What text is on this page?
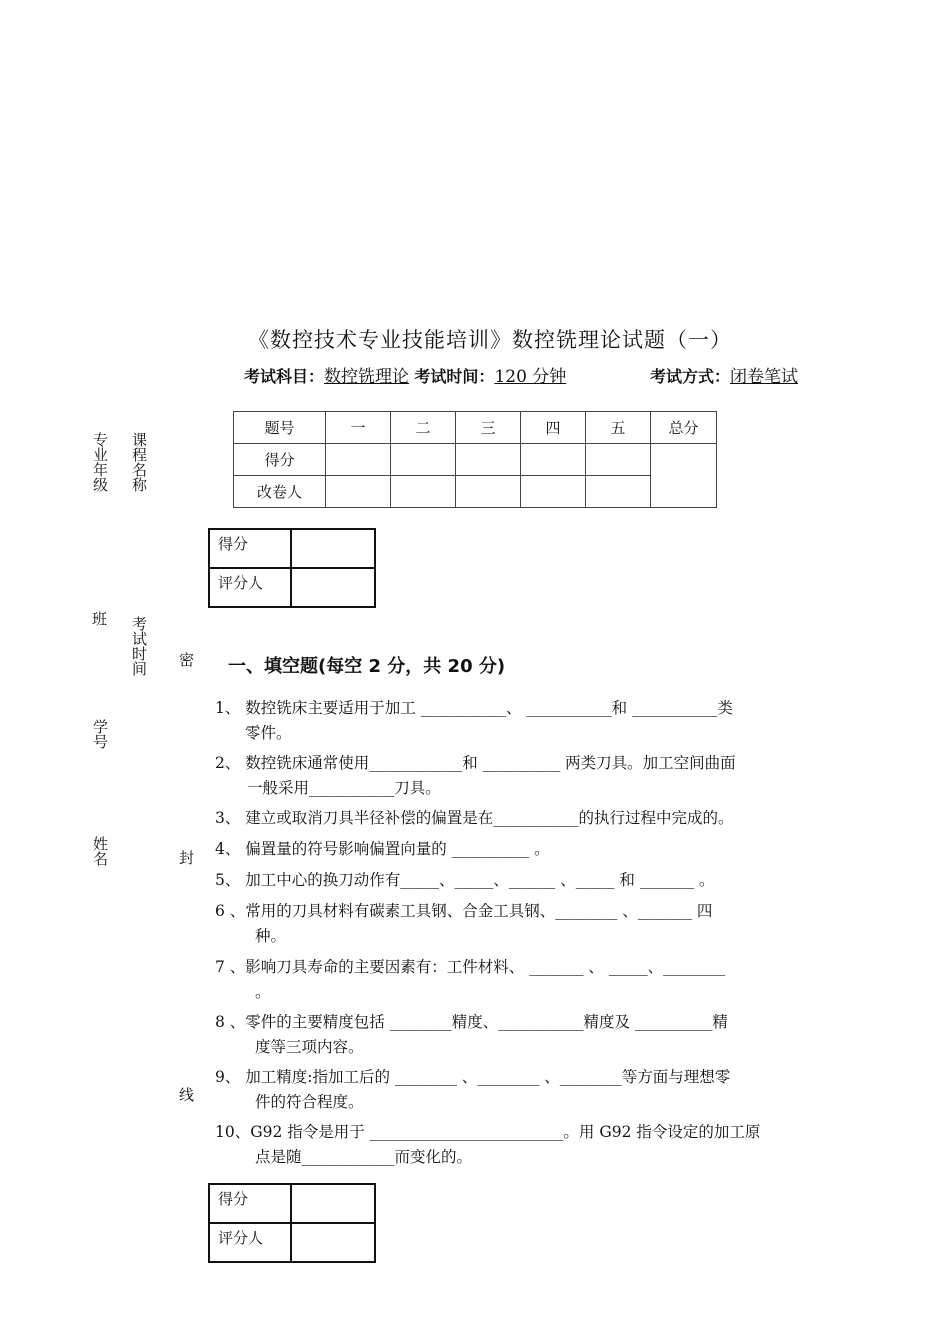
《数控技术专业技能培训》数控铣理论试题（一）
考试科目：数控铣理论 考试时间：120 分钟	考试方式：闭卷笔试
题号	一	二	三	四	五	总分
得分						
改卷人						
得分	
评分人	
得分	
评分人	
专业年级 课程名称
班 考试时间
学号
姓名
密
封
线
一、填空题(每空 2 分，共 20 分)
1、 数控铣床主要适用于加工 ___________、 ___________和 ___________类
零件。
2、 数控铣床通常使用____________和 __________ 两类刀具。加工空间曲面
一般采用___________刀具。
3、 建立或取消刀具半径补偿的偏置是在___________的执行过程中完成的。
4、 偏置量的符号影响偏置向量的 __________ 。
5、 加工中心的换刀动作有_____、_____、______ 、_____ 和 _______ 。
6 、常用的刀具材料有碳素工具钢、合金工具钢、________ 、_______ 四
种。
7 、影响刀具寿命的主要因素有：工件材料、 _______ 、 _____、________
。
8 、零件的主要精度包括 ________精度、___________精度及 __________精
度等三项内容。
9、 加工精度:指加工后的 ________ 、________ 、________等方面与理想零
件的符合程度。
10、G92 指令是用于 _________________________。用 G92 指令设定的加工原
点是随____________而变化的。
